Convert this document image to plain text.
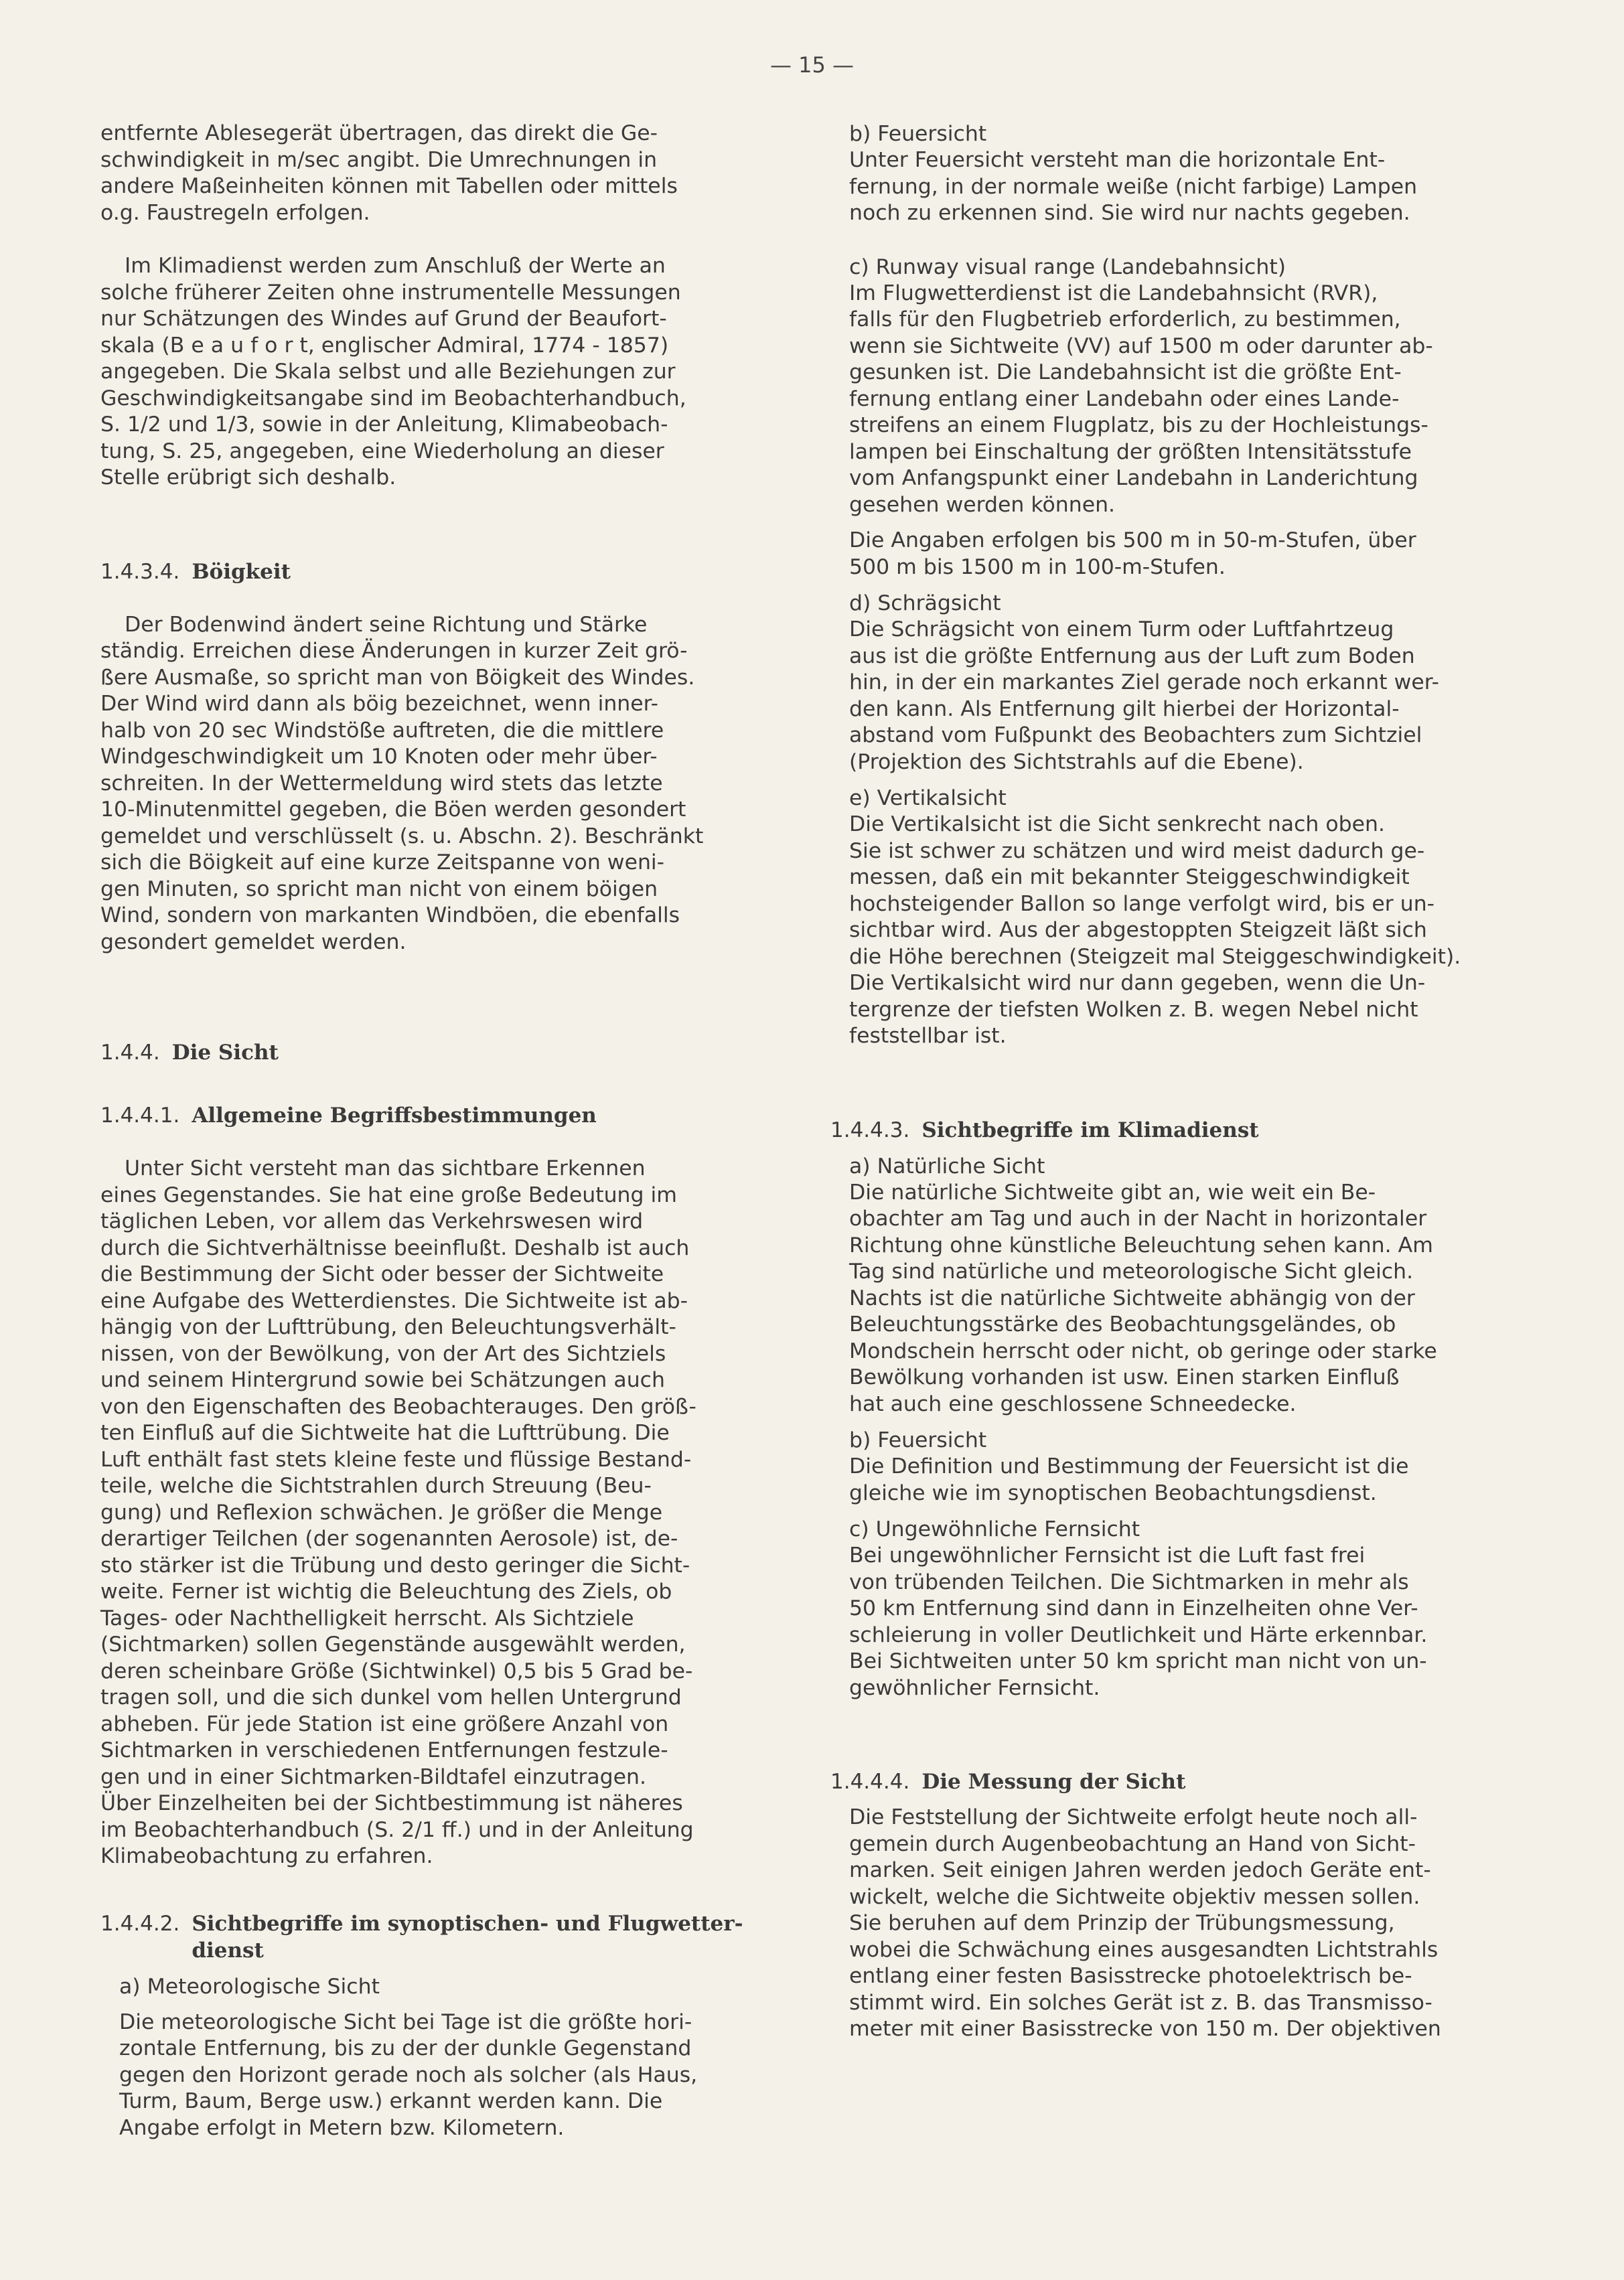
— 15 —

entfernte Ablesegerät übertragen, das direkt die Ge-
schwindigkeit in m/sec angibt. Die Umrechnungen in
andere Maßeinheiten können mit Tabellen oder mittels
o.g. Faustregeln erfolgen.

Im Klimadienst werden zum Anschluß der Werte an
solche früherer Zeiten ohne instrumentelle Messungen
nur Schätzungen des Windes auf Grund der Beaufort-
skala (B e a u f o r t, englischer Admiral, 1774 - 1857)
angegeben. Die Skala selbst und alle Beziehungen zur
Geschwindigkeitsangabe sind im Beobachterhandbuch,
S. 1/2 und 1/3, sowie in der Anleitung, Klimabeobach-
tung, S. 25, angegeben, eine Wiederholung an dieser
Stelle erübrigt sich deshalb.

1.4.3.4. Böigkeit

Der Bodenwind ändert seine Richtung und Stärke
ständig. Erreichen diese Änderungen in kurzer Zeit grö-
ßere Ausmaße, so spricht man von Böigkeit des Windes.
Der Wind wird dann als böig bezeichnet, wenn inner-
halb von 20 sec Windstöße auftreten, die die mittlere
Windgeschwindigkeit um 10 Knoten oder mehr über-
schreiten. In der Wettermeldung wird stets das letzte
10-Minutenmittel gegeben, die Böen werden gesondert
gemeldet und verschlüsselt (s. u. Abschn. 2). Beschränkt
sich die Böigkeit auf eine kurze Zeitspanne von weni-
gen Minuten, so spricht man nicht von einem böigen
Wind, sondern von markanten Windböen, die ebenfalls
gesondert gemeldet werden.

1.4.4. Die Sicht

1.4.4.1. Allgemeine Begriffsbestimmungen

Unter Sicht versteht man das sichtbare Erkennen
eines Gegenstandes. Sie hat eine große Bedeutung im
täglichen Leben, vor allem das Verkehrswesen wird
durch die Sichtverhältnisse beeinflußt. Deshalb ist auch
die Bestimmung der Sicht oder besser der Sichtweite
eine Aufgabe des Wetterdienstes. Die Sichtweite ist ab-
hängig von der Lufttrübung, den Beleuchtungsverhält-
nissen, von der Bewölkung, von der Art des Sichtziels
und seinem Hintergrund sowie bei Schätzungen auch
von den Eigenschaften des Beobachterauges. Den größ-
ten Einfluß auf die Sichtweite hat die Lufttrübung. Die
Luft enthält fast stets kleine feste und flüssige Bestand-
teile, welche die Sichtstrahlen durch Streuung (Beu-
gung) und Reflexion schwächen. Je größer die Menge
derartiger Teilchen (der sogenannten Aerosole) ist, de-
sto stärker ist die Trübung und desto geringer die Sicht-
weite. Ferner ist wichtig die Beleuchtung des Ziels, ob
Tages- oder Nachthelligkeit herrscht. Als Sichtziele
(Sichtmarken) sollen Gegenstände ausgewählt werden,
deren scheinbare Größe (Sichtwinkel) 0,5 bis 5 Grad be-
tragen soll, und die sich dunkel vom hellen Untergrund
abheben. Für jede Station ist eine größere Anzahl von
Sichtmarken in verschiedenen Entfernungen festzule-
gen und in einer Sichtmarken-Bildtafel einzutragen.
Über Einzelheiten bei der Sichtbestimmung ist näheres
im Beobachterhandbuch (S. 2/1 ff.) und in der Anleitung
Klimabeobachtung zu erfahren.

1.4.4.2. Sichtbegriffe im synoptischen- und Flugwetter-
dienst

a) Meteorologische Sicht

Die meteorologische Sicht bei Tage ist die größte hori-
zontale Entfernung, bis zu der der dunkle Gegenstand
gegen den Horizont gerade noch als solcher (als Haus,
Turm, Baum, Berge usw.) erkannt werden kann. Die
Angabe erfolgt in Metern bzw. Kilometern.

b) Feuersicht

Unter Feuersicht versteht man die horizontale Ent-
fernung, in der normale weiße (nicht farbige) Lampen
noch zu erkennen sind. Sie wird nur nachts gegeben.

c) Runway visual range (Landebahnsicht)

Im Flugwetterdienst ist die Landebahnsicht (RVR),
falls für den Flugbetrieb erforderlich, zu bestimmen,
wenn sie Sichtweite (VV) auf 1500 m oder darunter ab-
gesunken ist. Die Landebahnsicht ist die größte Ent-
fernung entlang einer Landebahn oder eines Lande-
streifens an einem Flugplatz, bis zu der Hochleistungs-
lampen bei Einschaltung der größten Intensitätsstufe
vom Anfangspunkt einer Landebahn in Landerichtung
gesehen werden können.

Die Angaben erfolgen bis 500 m in 50-m-Stufen, über
500 m bis 1500 m in 100-m-Stufen.

d) Schrägsicht

Die Schrägsicht von einem Turm oder Luftfahrtzeug
aus ist die größte Entfernung aus der Luft zum Boden
hin, in der ein markantes Ziel gerade noch erkannt wer-
den kann. Als Entfernung gilt hierbei der Horizontal-
abstand vom Fußpunkt des Beobachters zum Sichtziel
(Projektion des Sichtstrahls auf die Ebene).

e) Vertikalsicht

Die Vertikalsicht ist die Sicht senkrecht nach oben.
Sie ist schwer zu schätzen und wird meist dadurch ge-
messen, daß ein mit bekannter Steiggeschwindigkeit
hochsteigender Ballon so lange verfolgt wird, bis er un-
sichtbar wird. Aus der abgestoppten Steigzeit läßt sich
die Höhe berechnen (Steigzeit mal Steiggeschwindigkeit).
Die Vertikalsicht wird nur dann gegeben, wenn die Un-
tergrenze der tiefsten Wolken z. B. wegen Nebel nicht
feststellbar ist.

1.4.4.3. Sichtbegriffe im Klimadienst

a) Natürliche Sicht

Die natürliche Sichtweite gibt an, wie weit ein Be-
obachter am Tag und auch in der Nacht in horizontaler
Richtung ohne künstliche Beleuchtung sehen kann. Am
Tag sind natürliche und meteorologische Sicht gleich.
Nachts ist die natürliche Sichtweite abhängig von der
Beleuchtungsstärke des Beobachtungsgeländes, ob
Mondschein herrscht oder nicht, ob geringe oder starke
Bewölkung vorhanden ist usw. Einen starken Einfluß
hat auch eine geschlossene Schneedecke.

b) Feuersicht

Die Definition und Bestimmung der Feuersicht ist die
gleiche wie im synoptischen Beobachtungsdienst.

c) Ungewöhnliche Fernsicht

Bei ungewöhnlicher Fernsicht ist die Luft fast frei
von trübenden Teilchen. Die Sichtmarken in mehr als
50 km Entfernung sind dann in Einzelheiten ohne Ver-
schleierung in voller Deutlichkeit und Härte erkennbar.
Bei Sichtweiten unter 50 km spricht man nicht von un-
gewöhnlicher Fernsicht.

1.4.4.4. Die Messung der Sicht

Die Feststellung der Sichtweite erfolgt heute noch all-
gemein durch Augenbeobachtung an Hand von Sicht-
marken. Seit einigen Jahren werden jedoch Geräte ent-
wickelt, welche die Sichtweite objektiv messen sollen.
Sie beruhen auf dem Prinzip der Trübungsmessung,
wobei die Schwächung eines ausgesandten Lichtstrahls
entlang einer festen Basisstrecke photoelektrisch be-
stimmt wird. Ein solches Gerät ist z. B. das Transmisso-
meter mit einer Basisstrecke von 150 m. Der objektiven
